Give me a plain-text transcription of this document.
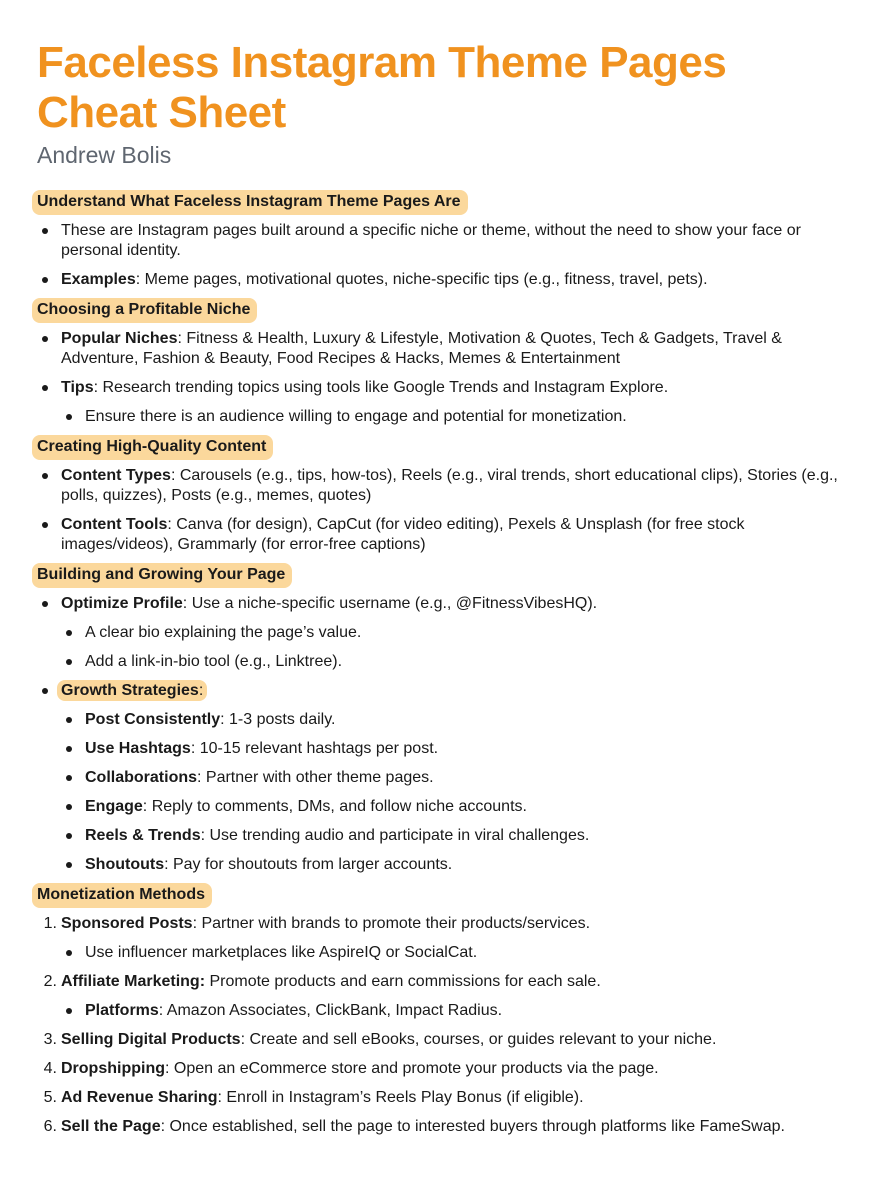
Faceless Instagram Theme Pages
Cheat Sheet
Andrew Bolis
Understand What Faceless Instagram Theme Pages Are
These are Instagram pages built around a specific niche or theme, without the need to show your face or personal identity.
Examples: Meme pages, motivational quotes, niche-specific tips (e.g., fitness, travel, pets).
Choosing a Profitable Niche
Popular Niches: Fitness & Health, Luxury & Lifestyle, Motivation & Quotes, Tech & Gadgets, Travel & Adventure, Fashion & Beauty, Food Recipes & Hacks, Memes & Entertainment
Tips: Research trending topics using tools like Google Trends and Instagram Explore.
Ensure there is an audience willing to engage and potential for monetization.
Creating High-Quality Content
Content Types: Carousels (e.g., tips, how-tos), Reels (e.g., viral trends, short educational clips), Stories (e.g., polls, quizzes), Posts (e.g., memes, quotes)
Content Tools: Canva (for design), CapCut (for video editing), Pexels & Unsplash (for free stock images/videos), Grammarly (for error-free captions)
Building and Growing Your Page
Optimize Profile: Use a niche-specific username (e.g., @FitnessVibesHQ).
A clear bio explaining the page’s value.
Add a link-in-bio tool (e.g., Linktree).
Growth Strategies:
Post Consistently: 1-3 posts daily.
Use Hashtags: 10-15 relevant hashtags per post.
Collaborations: Partner with other theme pages.
Engage: Reply to comments, DMs, and follow niche accounts.
Reels & Trends: Use trending audio and participate in viral challenges.
Shoutouts: Pay for shoutouts from larger accounts.
Monetization Methods
1. Sponsored Posts: Partner with brands to promote their products/services.
Use influencer marketplaces like AspireIQ or SocialCat.
2. Affiliate Marketing: Promote products and earn commissions for each sale.
Platforms: Amazon Associates, ClickBank, Impact Radius.
3. Selling Digital Products: Create and sell eBooks, courses, or guides relevant to your niche.
4. Dropshipping: Open an eCommerce store and promote your products via the page.
5. Ad Revenue Sharing: Enroll in Instagram’s Reels Play Bonus (if eligible).
6. Sell the Page: Once established, sell the page to interested buyers through platforms like FameSwap.
